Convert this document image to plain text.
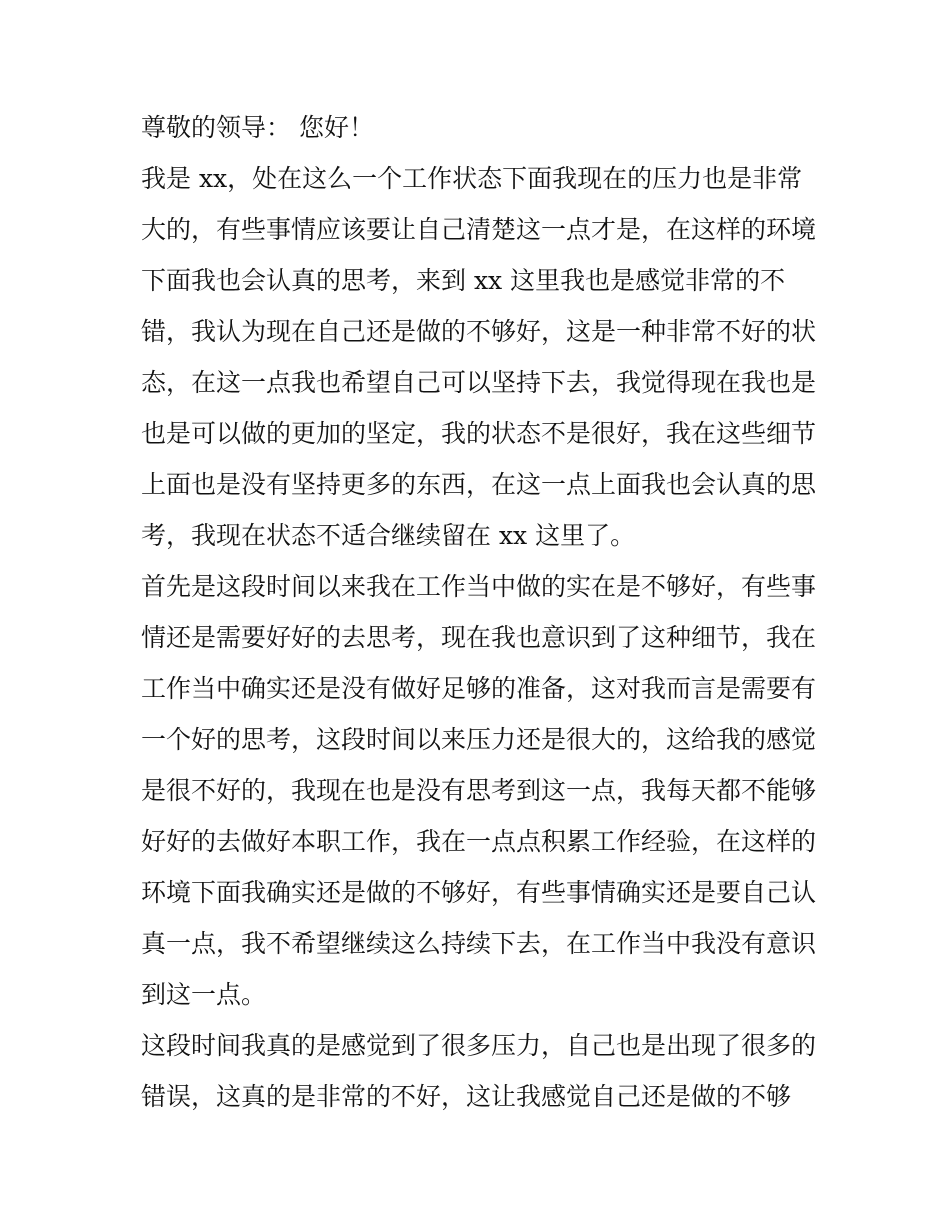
尊敬的领导： 您好！

我是 xx，处在这么一个工作状态下面我现在的压力也是非常

大的，有些事情应该要让自己清楚这一点才是，在这样的环境

下面我也会认真的思考，来到 xx 这里我也是感觉非常的不

错，我认为现在自己还是做的不够好，这是一种非常不好的状

态，在这一点我也希望自己可以坚持下去，我觉得现在我也是

也是可以做的更加的坚定，我的状态不是很好，我在这些细节

上面也是没有坚持更多的东西，在这一点上面我也会认真的思

考，我现在状态不适合继续留在 xx 这里了。

首先是这段时间以来我在工作当中做的实在是不够好，有些事

情还是需要好好的去思考，现在我也意识到了这种细节，我在

工作当中确实还是没有做好足够的准备，这对我而言是需要有

一个好的思考，这段时间以来压力还是很大的，这给我的感觉

是很不好的，我现在也是没有思考到这一点，我每天都不能够

好好的去做好本职工作，我在一点点积累工作经验，在这样的

环境下面我确实还是做的不够好，有些事情确实还是要自己认

真一点，我不希望继续这么持续下去，在工作当中我没有意识

到这一点。

这段时间我真的是感觉到了很多压力，自己也是出现了很多的

错误，这真的是非常的不好，这让我感觉自己还是做的不够
